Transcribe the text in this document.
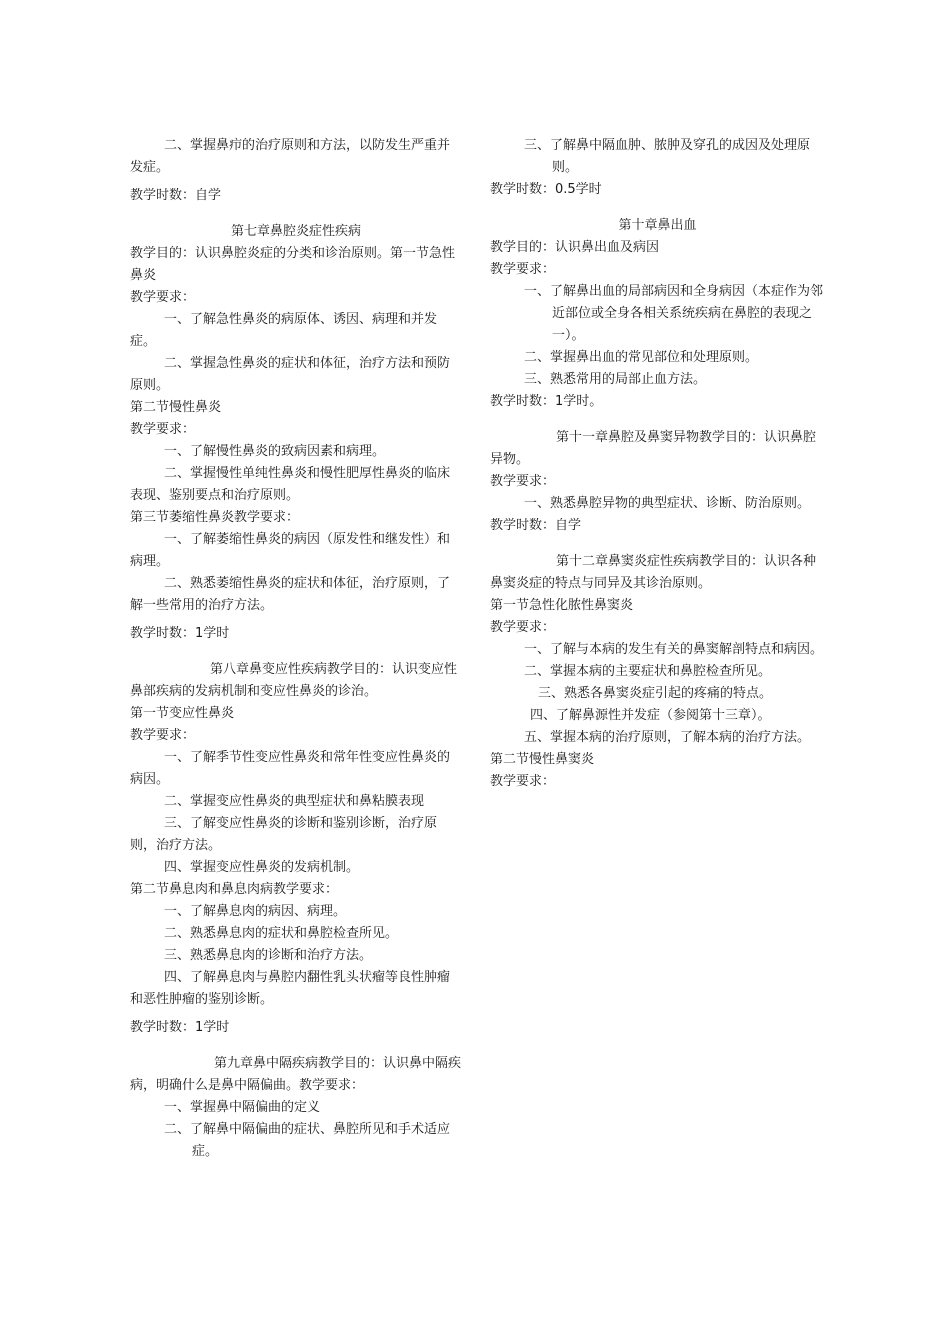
二、掌握鼻疖的治疗原则和方法，以防发生严重并发症。

教学时数：自学

第七章鼻腔炎症性疾病

教学目的：认识鼻腔炎症的分类和诊治原则。第一节急性鼻炎

教学要求：

一、了解急性鼻炎的病原体、诱因、病理和并发症。

二、掌握急性鼻炎的症状和体征，治疗方法和预防原则。

第二节慢性鼻炎

教学要求：

一、了解慢性鼻炎的致病因素和病理。

二、掌握慢性单纯性鼻炎和慢性肥厚性鼻炎的临床表现、鉴别要点和治疗原则。

第三节萎缩性鼻炎教学要求：

一、了解萎缩性鼻炎的病因（原发性和继发性）和病理。

二、熟悉萎缩性鼻炎的症状和体征，治疗原则，了解一些常用的治疗方法。

教学时数：1学时

第八章鼻变应性疾病教学目的：认识变应性鼻部疾病的发病机制和变应性鼻炎的诊治。

第一节变应性鼻炎

教学要求：

一、了解季节性变应性鼻炎和常年性变应性鼻炎的病因。

二、掌握变应性鼻炎的典型症状和鼻粘膜表现

三、了解变应性鼻炎的诊断和鉴别诊断，治疗原则，治疗方法。

四、掌握变应性鼻炎的发病机制。

第二节鼻息肉和鼻息肉病教学要求：

一、了解鼻息肉的病因、病理。

二、熟悉鼻息肉的症状和鼻腔检查所见。

三、熟悉鼻息肉的诊断和治疗方法。

四、了解鼻息肉与鼻腔内翻性乳头状瘤等良性肿瘤和恶性肿瘤的鉴别诊断。

教学时数：1学时

第九章鼻中隔疾病教学目的：认识鼻中隔疾病，明确什么是鼻中隔偏曲。教学要求：

一、掌握鼻中隔偏曲的定义

二、了解鼻中隔偏曲的症状、鼻腔所见和手术适应症。

三、了解鼻中隔血肿、脓肿及穿孔的成因及处理原则。

教学时数：0.5学时

第十章鼻出血

教学目的：认识鼻出血及病因

教学要求：

一、了解鼻出血的局部病因和全身病因（本症作为邻近部位或全身各相关系统疾病在鼻腔的表现之一）。

二、掌握鼻出血的常见部位和处理原则。

三、熟悉常用的局部止血方法。

教学时数：1学时。

第十一章鼻腔及鼻窦异物教学目的：认识鼻腔异物。

教学要求：

一、熟悉鼻腔异物的典型症状、诊断、防治原则。

教学时数：自学

第十二章鼻窦炎症性疾病教学目的：认识各种鼻窦炎症的特点与同异及其诊治原则。

第一节急性化脓性鼻窦炎

教学要求：

一、了解与本病的发生有关的鼻窦解剖特点和病因。

二、掌握本病的主要症状和鼻腔检查所见。

三、熟悉各鼻窦炎症引起的疼痛的特点。

四、了解鼻源性并发症（参阅第十三章）。

五、掌握本病的治疗原则，了解本病的治疗方法。

第二节慢性鼻窦炎

教学要求：
